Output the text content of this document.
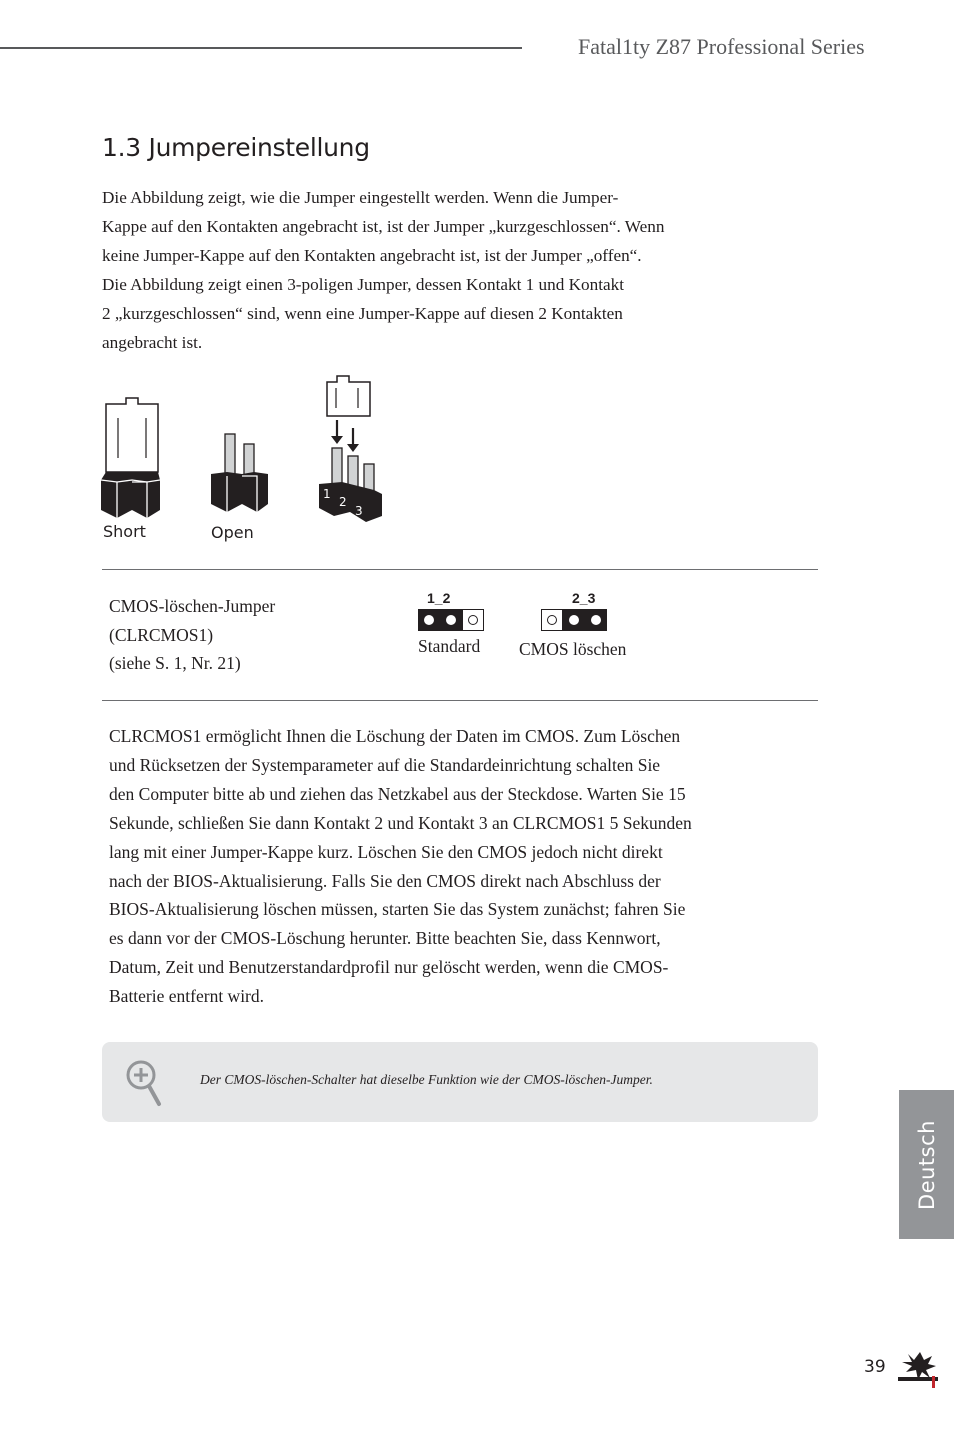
Fatal1ty Z87 Professional Series
1.3 Jumpereinstellung
Die Abbildung zeigt, wie die Jumper eingestellt werden. Wenn die Jumper-
Kappe auf den Kontakten angebracht ist, ist der Jumper „kurzgeschlossen“. Wenn
keine Jumper-Kappe auf den Kontakten angebracht ist, ist der Jumper „offen“.
Die Abbildung zeigt einen 3-poligen Jumper, dessen Kontakt 1 und Kontakt
2 „kurzgeschlossen“ sind, wenn eine Jumper-Kappe auf diesen 2 Kontakten
angebracht ist.
1
2
3
Short	Open
CMOS-löschen-Jumper
(CLRCMOS1)
(siehe S. 1, Nr. 21)
1_2
Standard
2_3
CMOS löschen
CLRCMOS1 ermöglicht Ihnen die Löschung der Daten im CMOS. Zum Löschen
und Rücksetzen der Systemparameter auf die Standardeinrichtung schalten Sie
den Computer bitte ab und ziehen das Netzkabel aus der Steckdose. Warten Sie 15
Sekunde, schließen Sie dann Kontakt 2 und Kontakt 3 an CLRCMOS1 5 Sekunden
lang mit einer Jumper-Kappe kurz. Löschen Sie den CMOS jedoch nicht direkt
nach der BIOS-Aktualisierung. Falls Sie den CMOS direkt nach Abschluss der
BIOS-Aktualisierung löschen müssen, starten Sie das System zunächst; fahren Sie
es dann vor der CMOS-Löschung herunter. Bitte beachten Sie, dass Kennwort,
Datum, Zeit und Benutzerstandardprofil nur gelöscht werden, wenn die CMOS-
Batterie entfernt wird.
Der CMOS-löschen-Schalter hat dieselbe Funktion wie der CMOS-löschen-Jumper.
Deutsch
39
